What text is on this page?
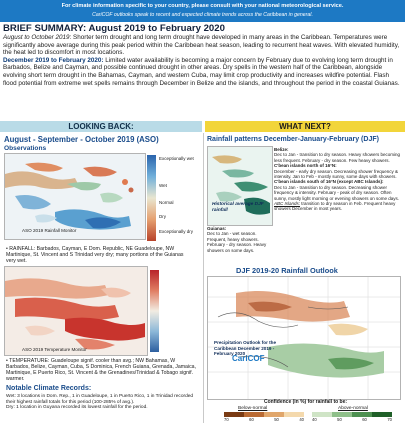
For climate information specific to your country, please consult with your national meteorological service.
CariCOF outlooks speak to recent and expected climate trends across the Caribbean in general.
BRIEF SUMMARY: August 2019 to February 2020

August to October 2019: Shorter term drought and long term drought have developed in many areas in the Caribbean. Temperatures were significantly above average during this peak period within the Caribbean heat season, leading to recurrent heat waves. With elevated humidity, the heat led to discomfort in most locations.

December 2019 to February 2020: Limited water availability is becoming a major concern by February due to evolving long term drought in Barbados, Belize and Cayman, and possible continued drought in other areas. Dry spells in the western half of the Caribbean, alongside evolving short term drought in the Bahamas, Cayman, and western Cuba, may limit crop productivity and increases wildfire potential. Flash flood potential from extreme wet spells remains through December in Belize and the islands, and throughout the period in the coastal Guianas.

LOOKING BACK:	WHAT NEXT?
August - September - October 2019 (ASO)
Observations
ASO 2019 Rainfall Monitor
Exceptionally wet
Wet
Normal
Dry
Exceptionally dry
• RAINFALL: Barbados, Cayman, E Dom. Republic, NE Guadeloupe, NW Martinique, St. Vincent and S Trinidad very dry; many portions of the Guianas very wet.
ASO 2019 Temperature Monitor
• TEMPERATURE: Guadeloupe signif. cooler than avg.; NW Bahamas, W Barbados, Belize, Cayman, Cuba, S Dominica, French Guiana, Grenada, Jamaica, Martinique, E Puerto Rico, St. Vincent & the Grenadines/Trinidad & Tobago signif. warmer.
Notable Climate Records:
Wet: 3 locations in Dom. Rep., 1 in Guadeloupe, 1 in Puerto Rico, 1 in Trinidad recorded their highest rainfall totals for this period (100-285% of avg.).
Dry: 1 location in Guyana recorded its lowest rainfall for the period.
Rainfall patterns December-January-February (DJF)
Historical average DJF rainfall
Belize:
Dec to Jan - transition to dry season. Heavy showers becoming less frequent. February - dry season. Few heavy showers.
C'bean islands north of 16°N:
December - early dry season. Decreasing shower frequency & intensity. Jan to Feb - mostly sunny, some days with showers.
C'bean islands south of 16°N (except ABC Islands):
Dec to Jan - transition to dry season. Decreasing shower frequency & intensity. February - peak of dry season. Often sunny, mostly light morning or evening showers on some days.
ABC Islands: transition to dry season in Feb. Frequent heavy showers December in most years.
Guianas:
Dec to Jan - wet season. Frequent, heavy showers.
February - dry season. Heavy showers on some days.
DJF 2019-20 Rainfall Outlook
Precipitation Outlook for the Caribbean December 2019 - February 2020
CariCOF
Confidence (in %) for rainfall to be:
Below-normal	Above-normal
70	60	50	40 40	50	60	70
